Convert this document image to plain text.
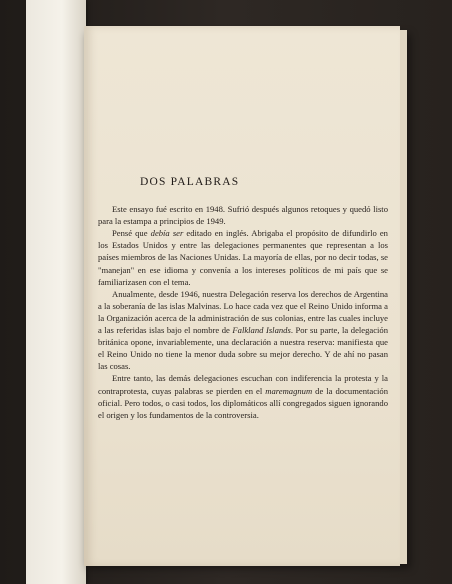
DOS PALABRAS

Este ensayo fué escrito en 1948. Sufrió después algunos retoques y quedó listo para la estampa a principios de 1949.

Pensé que debía ser editado en inglés. Abrigaba el propósito de difundirlo en los Estados Unidos y entre las delegaciones permanentes que representan a los países miembros de las Naciones Unidas. La mayoría de ellas, por no decir todas, se "manejan" en ese idioma y convenía a los intereses políticos de mi país que se familiarizasen con el tema.

Anualmente, desde 1946, nuestra Delegación reserva los derechos de Argentina a la soberanía de las islas Malvinas. Lo hace cada vez que el Reino Unido informa a la Organización acerca de la administración de sus colonias, entre las cuales incluye a las referidas islas bajo el nombre de Falkland Islands. Por su parte, la delegación británica opone, invariablemente, una declaración a nuestra reserva: manifiesta que el Reino Unido no tiene la menor duda sobre su mejor derecho. Y de ahí no pasan las cosas.

Entre tanto, las demás delegaciones escuchan con indiferencia la protesta y la contraprotesta, cuyas palabras se pierden en el maremagnum de la documentación oficial. Pero todos, o casi todos, los diplomáticos allí congregados siguen ignorando el origen y los fundamentos de la controversia.
